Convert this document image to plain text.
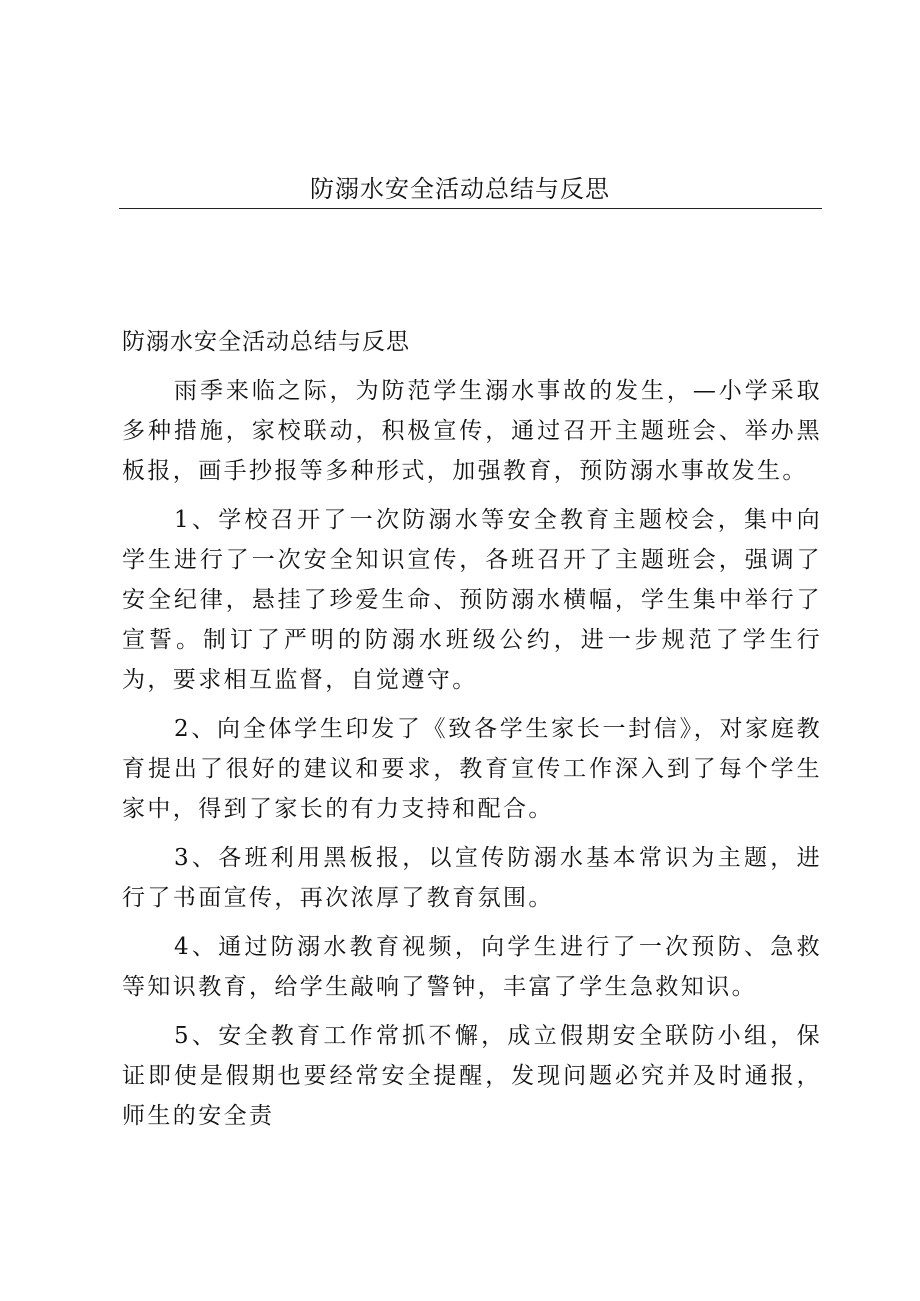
防溺水安全活动总结与反思

防溺水安全活动总结与反思

雨季来临之际，为防范学生溺水事故的发生，—小学采取多种措施，家校联动，积极宣传，通过召开主题班会、举办黑板报，画手抄报等多种形式，加强教育，预防溺水事故发生。

1、学校召开了一次防溺水等安全教育主题校会，集中向学生进行了一次安全知识宣传，各班召开了主题班会，强调了安全纪律，悬挂了珍爱生命、预防溺水横幅，学生集中举行了宣誓。制订了严明的防溺水班级公约，进一步规范了学生行为，要求相互监督，自觉遵守。

2、向全体学生印发了《致各学生家长一封信》，对家庭教育提出了很好的建议和要求，教育宣传工作深入到了每个学生家中，得到了家长的有力支持和配合。

3、各班利用黑板报，以宣传防溺水基本常识为主题，进行了书面宣传，再次浓厚了教育氛围。

4、通过防溺水教育视频，向学生进行了一次预防、急救等知识教育，给学生敲响了警钟，丰富了学生急救知识。

5、安全教育工作常抓不懈，成立假期安全联防小组，保证即使是假期也要经常安全提醒，发现问题必究并及时通报，师生的安全责
